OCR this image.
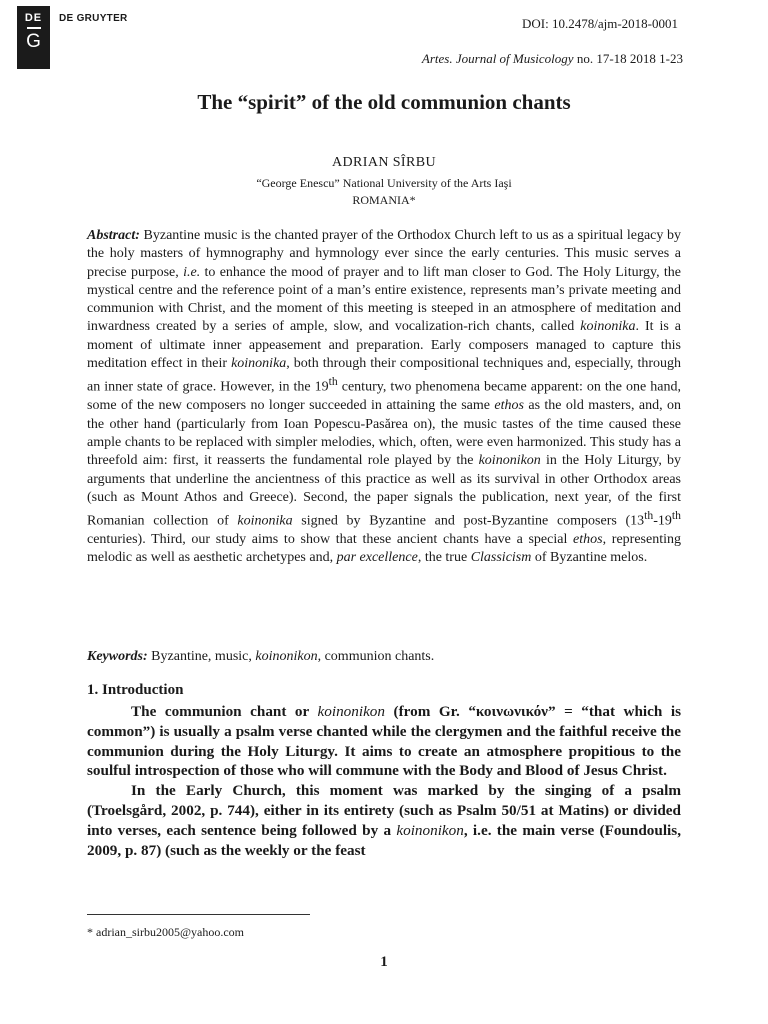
DE
G
DE GRUYTER	DOI: 10.2478/ajm-2018-0001
Artes. Journal of Musicology no. 17-18 2018 1-23
The “spirit” of the old communion chants
ADRIAN SÎRBU
“George Enescu” National University of the Arts Iaşi
ROMANIA*
Abstract: Byzantine music is the chanted prayer of the Orthodox Church left to us as a spiritual legacy by the holy masters of hymnography and hymnology ever since the early centuries. This music serves a precise purpose, i.e. to enhance the mood of prayer and to lift man closer to God. The Holy Liturgy, the mystical centre and the reference point of a man’s entire existence, represents man’s private meeting and communion with Christ, and the moment of this meeting is steeped in an atmosphere of meditation and inwardness created by a series of ample, slow, and vocalization-rich chants, called koinonika. It is a moment of ultimate inner appeasement and preparation. Early composers managed to capture this meditation effect in their koinonika, both through their compositional techniques and, especially, through an inner state of grace. However, in the 19th century, two phenomena became apparent: on the one hand, some of the new composers no longer succeeded in attaining the same ethos as the old masters, and, on the other hand (particularly from Ioan Popescu-Pasărea on), the music tastes of the time caused these ample chants to be replaced with simpler melodies, which, often, were even harmonized. This study has a threefold aim: first, it reasserts the fundamental role played by the koinonikon in the Holy Liturgy, by arguments that underline the ancientness of this practice as well as its survival in other Orthodox areas (such as Mount Athos and Greece). Second, the paper signals the publication, next year, of the first Romanian collection of koinonika signed by Byzantine and post-Byzantine composers (13th-19th centuries). Third, our study aims to show that these ancient chants have a special ethos, representing melodic as well as aesthetic archetypes and, par excellence, the true Classicism of Byzantine melos.
Keywords: Byzantine, music, koinonikon, communion chants.
1. Introduction

The communion chant or koinonikon (from Gr. “κοινωνικόν” = “that which is common”) is usually a psalm verse chanted while the clergymen and the faithful receive the communion during the Holy Liturgy. It aims to create an atmosphere propitious to the soulful introspection of those who will commune with the Body and Blood of Jesus Christ.

In the Early Church, this moment was marked by the singing of a psalm (Troelsgård, 2002, p. 744), either in its entirety (such as Psalm 50/51 at Matins) or divided into verses, each sentence being followed by a koinonikon, i.e. the main verse (Foundoulis, 2009, p. 87) (such as the weekly or the feast

* adrian_sirbu2005@yahoo.com
1
